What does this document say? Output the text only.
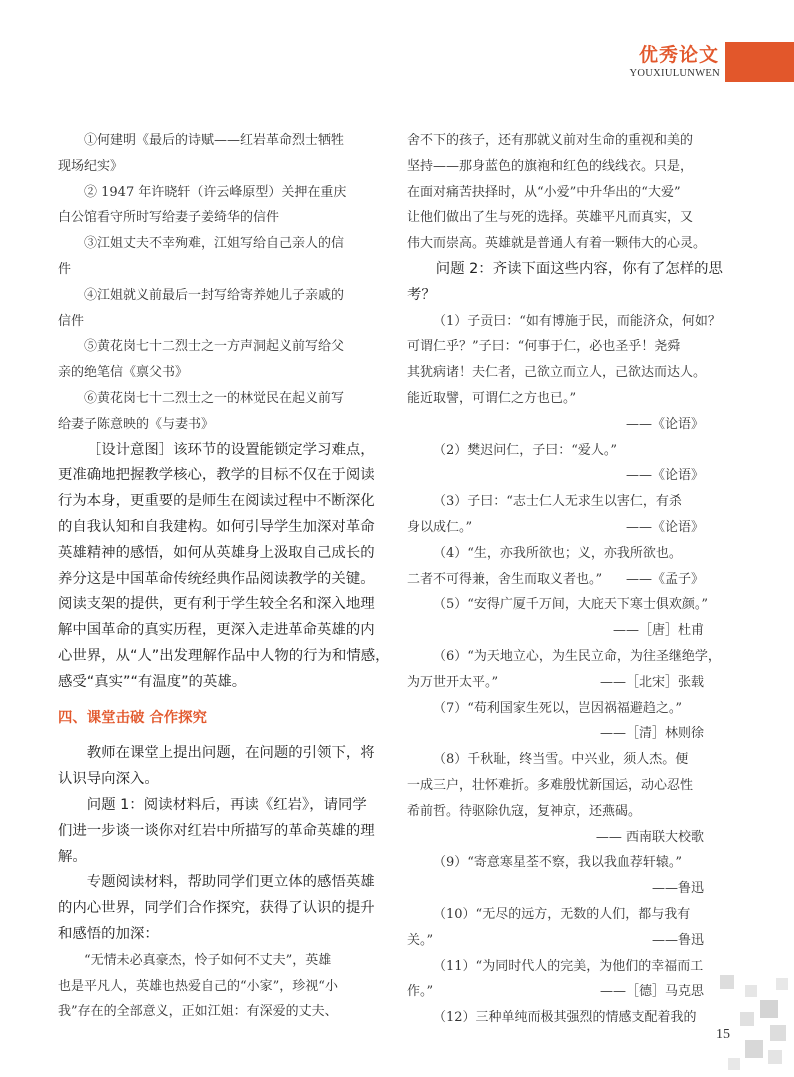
优秀论文
YOUXIULUNWEN
①何建明《最后的诗赋——红岩革命烈士牺牲
现场纪实》
② 1947 年许晓轩（许云峰原型）关押在重庆
白公馆看守所时写给妻子姜绮华的信件
③江姐丈夫不幸殉难，江姐写给自己亲人的信
件
④江姐就义前最后一封写给寄养她儿子亲戚的
信件
⑤黄花岗七十二烈士之一方声洞起义前写给父
亲的绝笔信《禀父书》
⑥黄花岗七十二烈士之一的林觉民在起义前写
给妻子陈意映的《与妻书》
［设计意图］该环节的设置能锁定学习难点，
更准确地把握教学核心，教学的目标不仅在于阅读
行为本身，更重要的是师生在阅读过程中不断深化
的自我认知和自我建构。如何引导学生加深对革命
英雄精神的感悟，如何从英雄身上汲取自己成长的
养分这是中国革命传统经典作品阅读教学的关键。
阅读支架的提供，更有利于学生较全名和深入地理
解中国革命的真实历程，更深入走进革命英雄的内
心世界，从“人”出发理解作品中人物的行为和情感，
感受“真实”“有温度”的英雄。
四、课堂击破 合作探究
教师在课堂上提出问题，在问题的引领下，将
认识导向深入。
问题 1：阅读材料后，再读《红岩》，请同学
们进一步谈一谈你对红岩中所描写的革命英雄的理
解。
专题阅读材料，帮助同学们更立体的感悟英雄
的内心世界，同学们合作探究，获得了认识的提升
和感悟的加深：
“无情未必真豪杰，怜子如何不丈夫”，英雄
也是平凡人，英雄也热爱自己的“小家”，珍视“小
我”存在的全部意义，正如江姐：有深爱的丈夫、
舍不下的孩子，还有那就义前对生命的重视和美的
坚持——那身蓝色的旗袍和红色的线线衣。只是，
在面对痛苦抉择时，从“小爱”中升华出的“大爱”
让他们做出了生与死的选择。英雄平凡而真实，又
伟大而崇高。英雄就是普通人有着一颗伟大的心灵。
问题 2：齐读下面这些内容，你有了怎样的思
考？
（1）子贡曰：“如有博施于民，而能济众，何如？
可谓仁乎？”子曰：“何事于仁，必也圣乎！尧舜
其犹病诸！夫仁者，己欲立而立人，己欲达而达人。
能近取譬，可谓仁之方也已。”
——《论语》
（2）樊迟问仁，子曰：“爱人。”
——《论语》
（3）子曰：“志士仁人无求生以害仁，有杀
身以成仁。”	——《论语》
（4）“生，亦我所欲也；义，亦我所欲也。
二者不可得兼，舍生而取义者也。” ——《孟子》
（5）“安得广厦千万间，大庇天下寒士俱欢颜。”
——［唐］杜甫
（6）“为天地立心，为生民立命，为往圣继绝学，
为万世开太平。”	——［北宋］张载
（7）“苟利国家生死以，岂因祸福避趋之。”
——［清］林则徐
（8）千秋耻，终当雪。中兴业，须人杰。便
一成三户，壮怀难折。多难殷忧新国运，动心忍性
希前哲。待驱除仇寇，复神京，还燕碣。
—— 西南联大校歌
（9）“寄意寒星荃不察，我以我血荐轩辕。”
——鲁迅
（10）“无尽的远方，无数的人们，都与我有
关。”	——鲁迅
（11）“为同时代人的完美，为他们的幸福而工
作。”	——［德］马克思
（12）三种单纯而极其强烈的情感支配着我的
15
